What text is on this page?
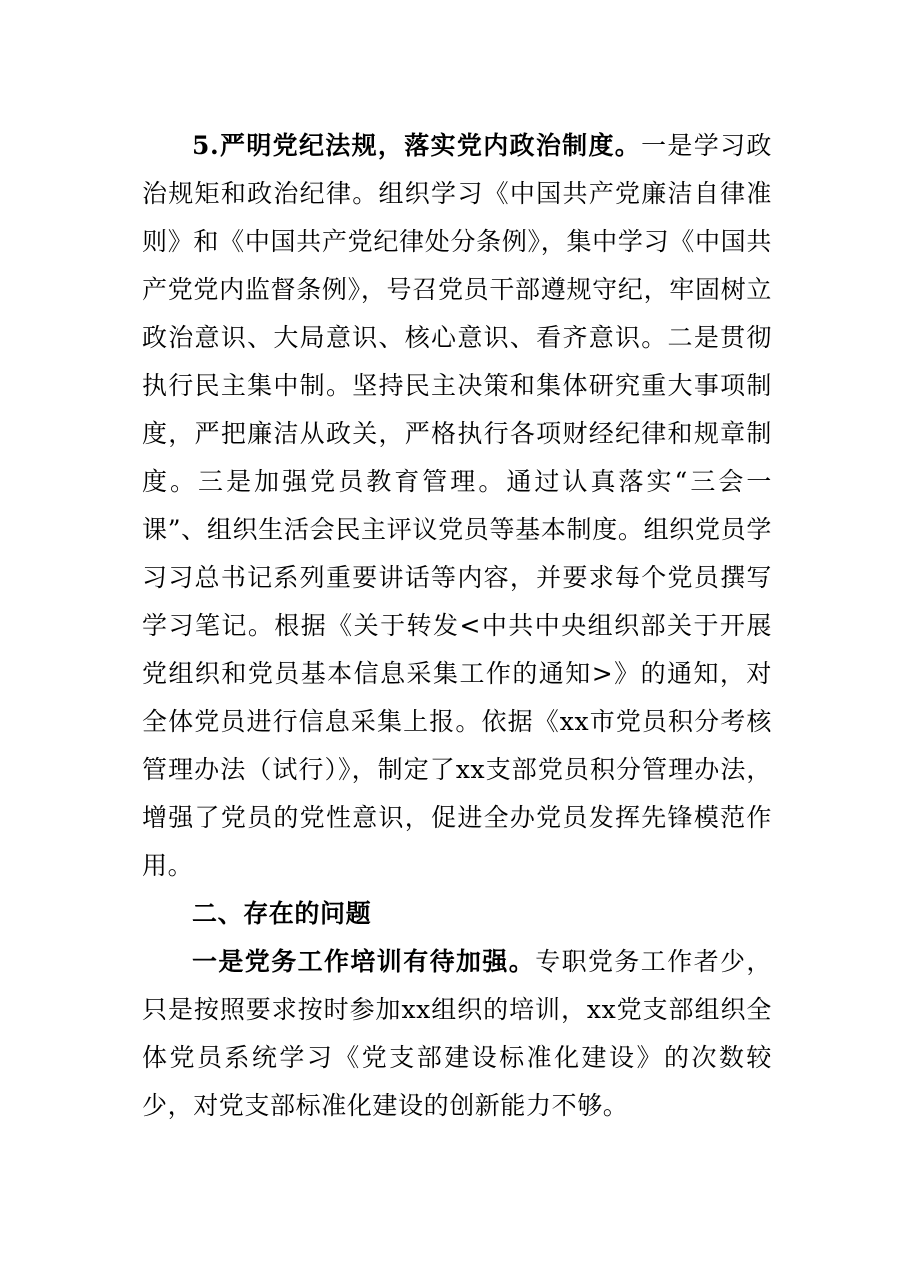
5.严明党纪法规，落实党内政治制度。一是学习政治规矩和政治纪律。组织学习《中国共产党廉洁自律准则》和《中国共产党纪律处分条例》，集中学习《中国共产党党内监督条例》，号召党员干部遵规守纪，牢固树立政治意识、大局意识、核心意识、看齐意识。二是贯彻执行民主集中制。坚持民主决策和集体研究重大事项制度，严把廉洁从政关，严格执行各项财经纪律和规章制度。三是加强党员教育管理。通过认真落实“三会一课”、组织生活会民主评议党员等基本制度。组织党员学习习总书记系列重要讲话等内容，并要求每个党员撰写学习笔记。根据《关于转发<中共中央组织部关于开展党组织和党员基本信息采集工作的通知>》的通知，对全体党员进行信息采集上报。依据《xx市党员积分考核管理办法（试行）》，制定了xx支部党员积分管理办法，增强了党员的党性意识，促进全办党员发挥先锋模范作用。

二、存在的问题

一是党务工作培训有待加强。专职党务工作者少，只是按照要求按时参加xx组织的培训，xx党支部组织全体党员系统学习《党支部建设标准化建设》的次数较少，对党支部标准化建设的创新能力不够。
